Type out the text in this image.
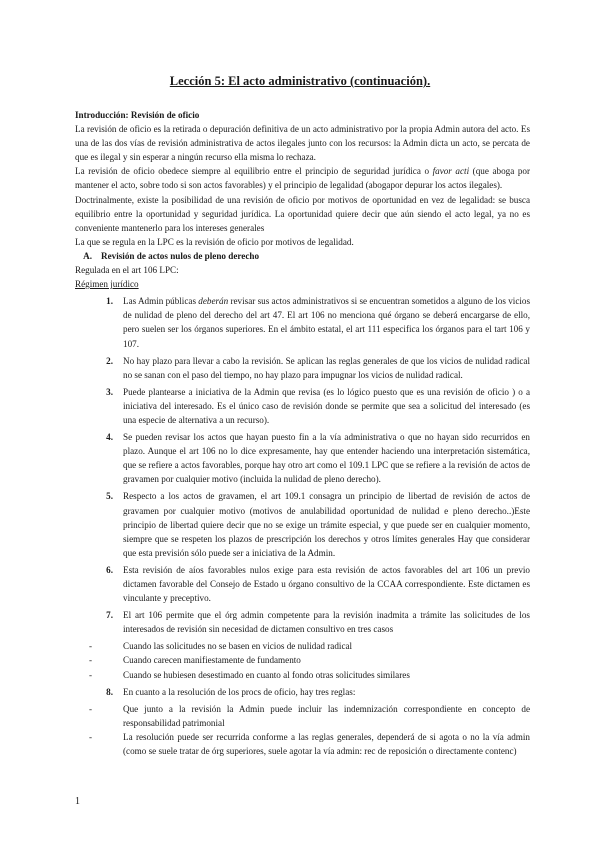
Lección 5: El acto administrativo (continuación).

Introducción: Revisión de oficio

La revisión de oficio es la retirada o depuración definitiva de un acto administrativo por la propia Admin autora del acto. Es una de las dos vías de revisión administrativa de actos ilegales junto con los recursos: la Admin dicta un acto, se percata de que es ilegal y sin esperar a ningún recurso ella misma lo rechaza.

La revisión de oficio obedece siempre al equilibrio entre el principio de seguridad jurídica o favor acti (que aboga por mantener el acto, sobre todo si son actos favorables) y el principio de legalidad (abogapor depurar los actos ilegales).

Doctrinalmente, existe la posibilidad de una revisión de oficio por motivos de oportunidad en vez de legalidad: se busca equilibrio entre la oportunidad y seguridad jurídica. La oportunidad quiere decir que aún siendo el acto legal, ya no es conveniente mantenerlo para los intereses generales

La que se regula en la LPC es la revisión de oficio por motivos de legalidad.

A. Revisión de actos nulos de pleno derecho

Regulada en el art 106 LPC:

Régimen jurídico

1.	Las Admin públicas deberán revisar sus actos administrativos si se encuentran sometidos a alguno de los vicios de nulidad de pleno del derecho del art 47. El art 106 no menciona qué órgano se deberá encargarse de ello, pero suelen ser los órganos superiores. En el ámbito estatal, el art 111 especifica los órganos para el tart 106 y 107.
2.	No hay plazo para llevar a cabo la revisión. Se aplican las reglas generales de que los vicios de nulidad radical no se sanan con el paso del tiempo, no hay plazo para impugnar los vicios de nulidad radical.
3.	Puede plantearse a iniciativa de la Admin que revisa (es lo lógico puesto que es una revisión de oficio ) o a iniciativa del interesado. Es el único caso de revisión donde se permite que sea a solicitud del interesado (es una especie de alternativa a un recurso).
4.	Se pueden revisar los actos que hayan puesto fin a la vía administrativa o que no hayan sido recurridos en plazo. Aunque el art 106 no lo dice expresamente, hay que entender haciendo una interpretación sistemática, que se refiere a actos favorables, porque hay otro art como el 109.1 LPC que se refiere a la revisión de actos de gravamen por cualquier motivo (incluida la nulidad de pleno derecho).
5.	Respecto a los actos de gravamen, el art 109.1 consagra un principio de libertad de revisión de actos de gravamen por cualquier motivo (motivos de anulabilidad oportunidad de nulidad e pleno derecho..)Este principio de libertad quiere decir que no se exige un trámite especial, y que puede ser en cualquier momento, siempre que se respeten los plazos de prescripción los derechos y otros límites generales Hay que considerar que esta previsión sólo puede ser a iniciativa de la Admin.
6.	Esta revisión de aíos favorables nulos exige para esta revisión de actos favorables del art 106 un previo dictamen favorable del Consejo de Estado u órgano consultivo de la CCAA correspondiente. Este dictamen es vinculante y preceptivo.
7.	El art 106 permite que el órg admin competente para la revisión inadmita a trámite las solicitudes de los interesados de revisión sin necesidad de dictamen consultivo en tres casos
-	Cuando las solicitudes no se basen en vicios de nulidad radical
-	Cuando carecen manifiestamente de fundamento
-	Cuando se hubiesen desestimado en cuanto al fondo otras solicitudes similares
8.	En cuanto a la resolución de los procs de oficio, hay tres reglas:
-	Que junto a la revisión la Admin puede incluir las indemnización correspondiente en concepto de responsabilidad patrimonial
-	La resolución puede ser recurrida conforme a las reglas generales, dependerá de si agota o no la vía admin (como se suele tratar de órg superiores, suele agotar la vía admin: rec de reposición o directamente contenc)
1
